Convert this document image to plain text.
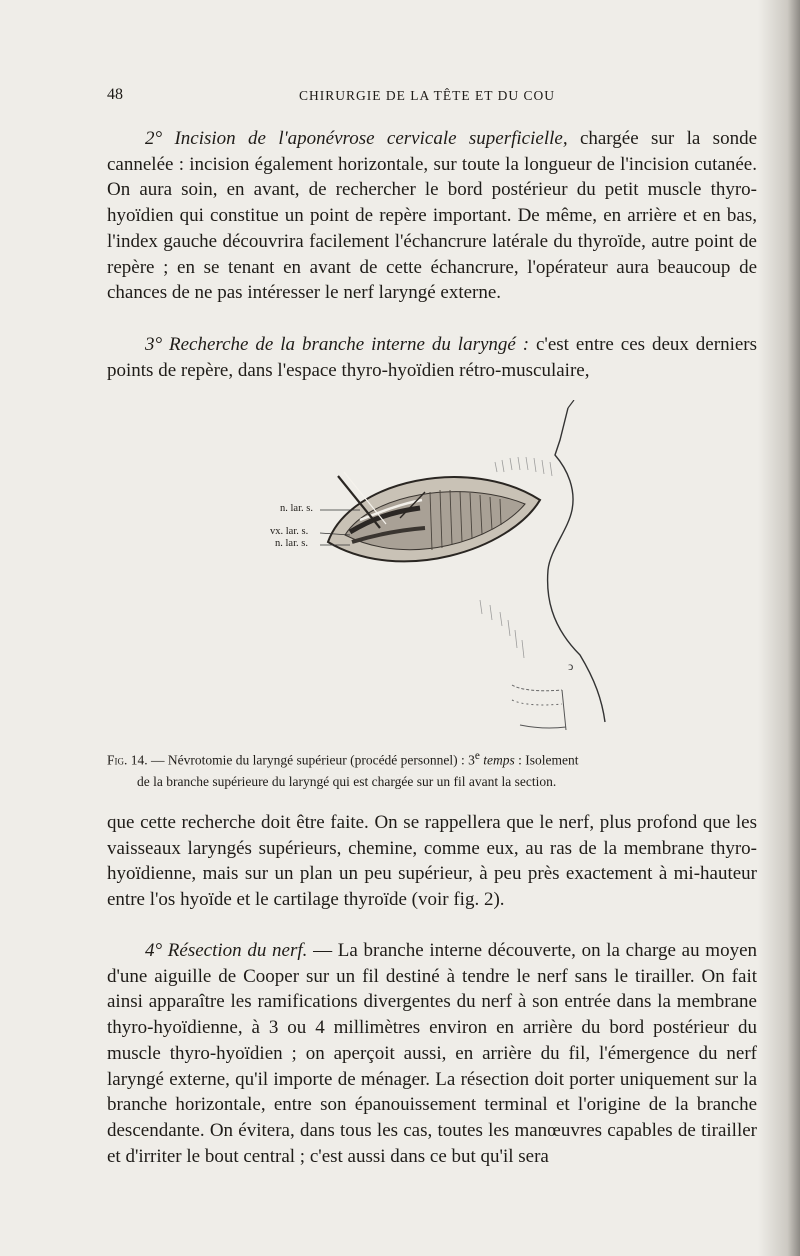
48	CHIRURGIE DE LA TÊTE ET DU COU

2° Incision de l'aponévrose cervicale superficielle, chargée sur la sonde cannelée : incision également horizontale, sur toute la longueur de l'incision cutanée. On aura soin, en avant, de rechercher le bord postérieur du petit muscle thyro-hyoïdien qui constitue un point de repère important. De même, en arrière et en bas, l'index gauche découvrira facilement l'échancrure latérale du thyroïde, autre point de repère ; en se tenant en avant de cette échancrure, l'opérateur aura beaucoup de chances de ne pas intéresser le nerf laryngé externe.

3° Recherche de la branche interne du laryngé : c'est entre ces deux derniers points de repère, dans l'espace thyro-hyoïdien rétro-musculaire,

ↄ
n. lar. s.
vx. lar. s.
n. lar. s.

Fig. 14. — Névrotomie du laryngé supérieur (procédé personnel) : 3e temps : Isolement
de la branche supérieure du laryngé qui est chargée sur un fil avant la section.

que cette recherche doit être faite. On se rappellera que le nerf, plus profond que les vaisseaux laryngés supérieurs, chemine, comme eux, au ras de la membrane thyro-hyoïdienne, mais sur un plan un peu supérieur, à peu près exactement à mi-hauteur entre l'os hyoïde et le cartilage thyroïde (voir fig. 2).

4° Résection du nerf. — La branche interne découverte, on la charge au moyen d'une aiguille de Cooper sur un fil destiné à tendre le nerf sans le tirailler. On fait ainsi apparaître les ramifications divergentes du nerf à son entrée dans la membrane thyro-hyoïdienne, à 3 ou 4 millimètres environ en arrière du bord postérieur du muscle thyro-hyoïdien ; on aperçoit aussi, en arrière du fil, l'émergence du nerf laryngé externe, qu'il importe de ménager. La résection doit porter uniquement sur la branche horizontale, entre son épanouissement terminal et l'origine de la branche descendante. On évitera, dans tous les cas, toutes les manœuvres capables de tirailler et d'irriter le bout central ; c'est aussi dans ce but qu'il sera
